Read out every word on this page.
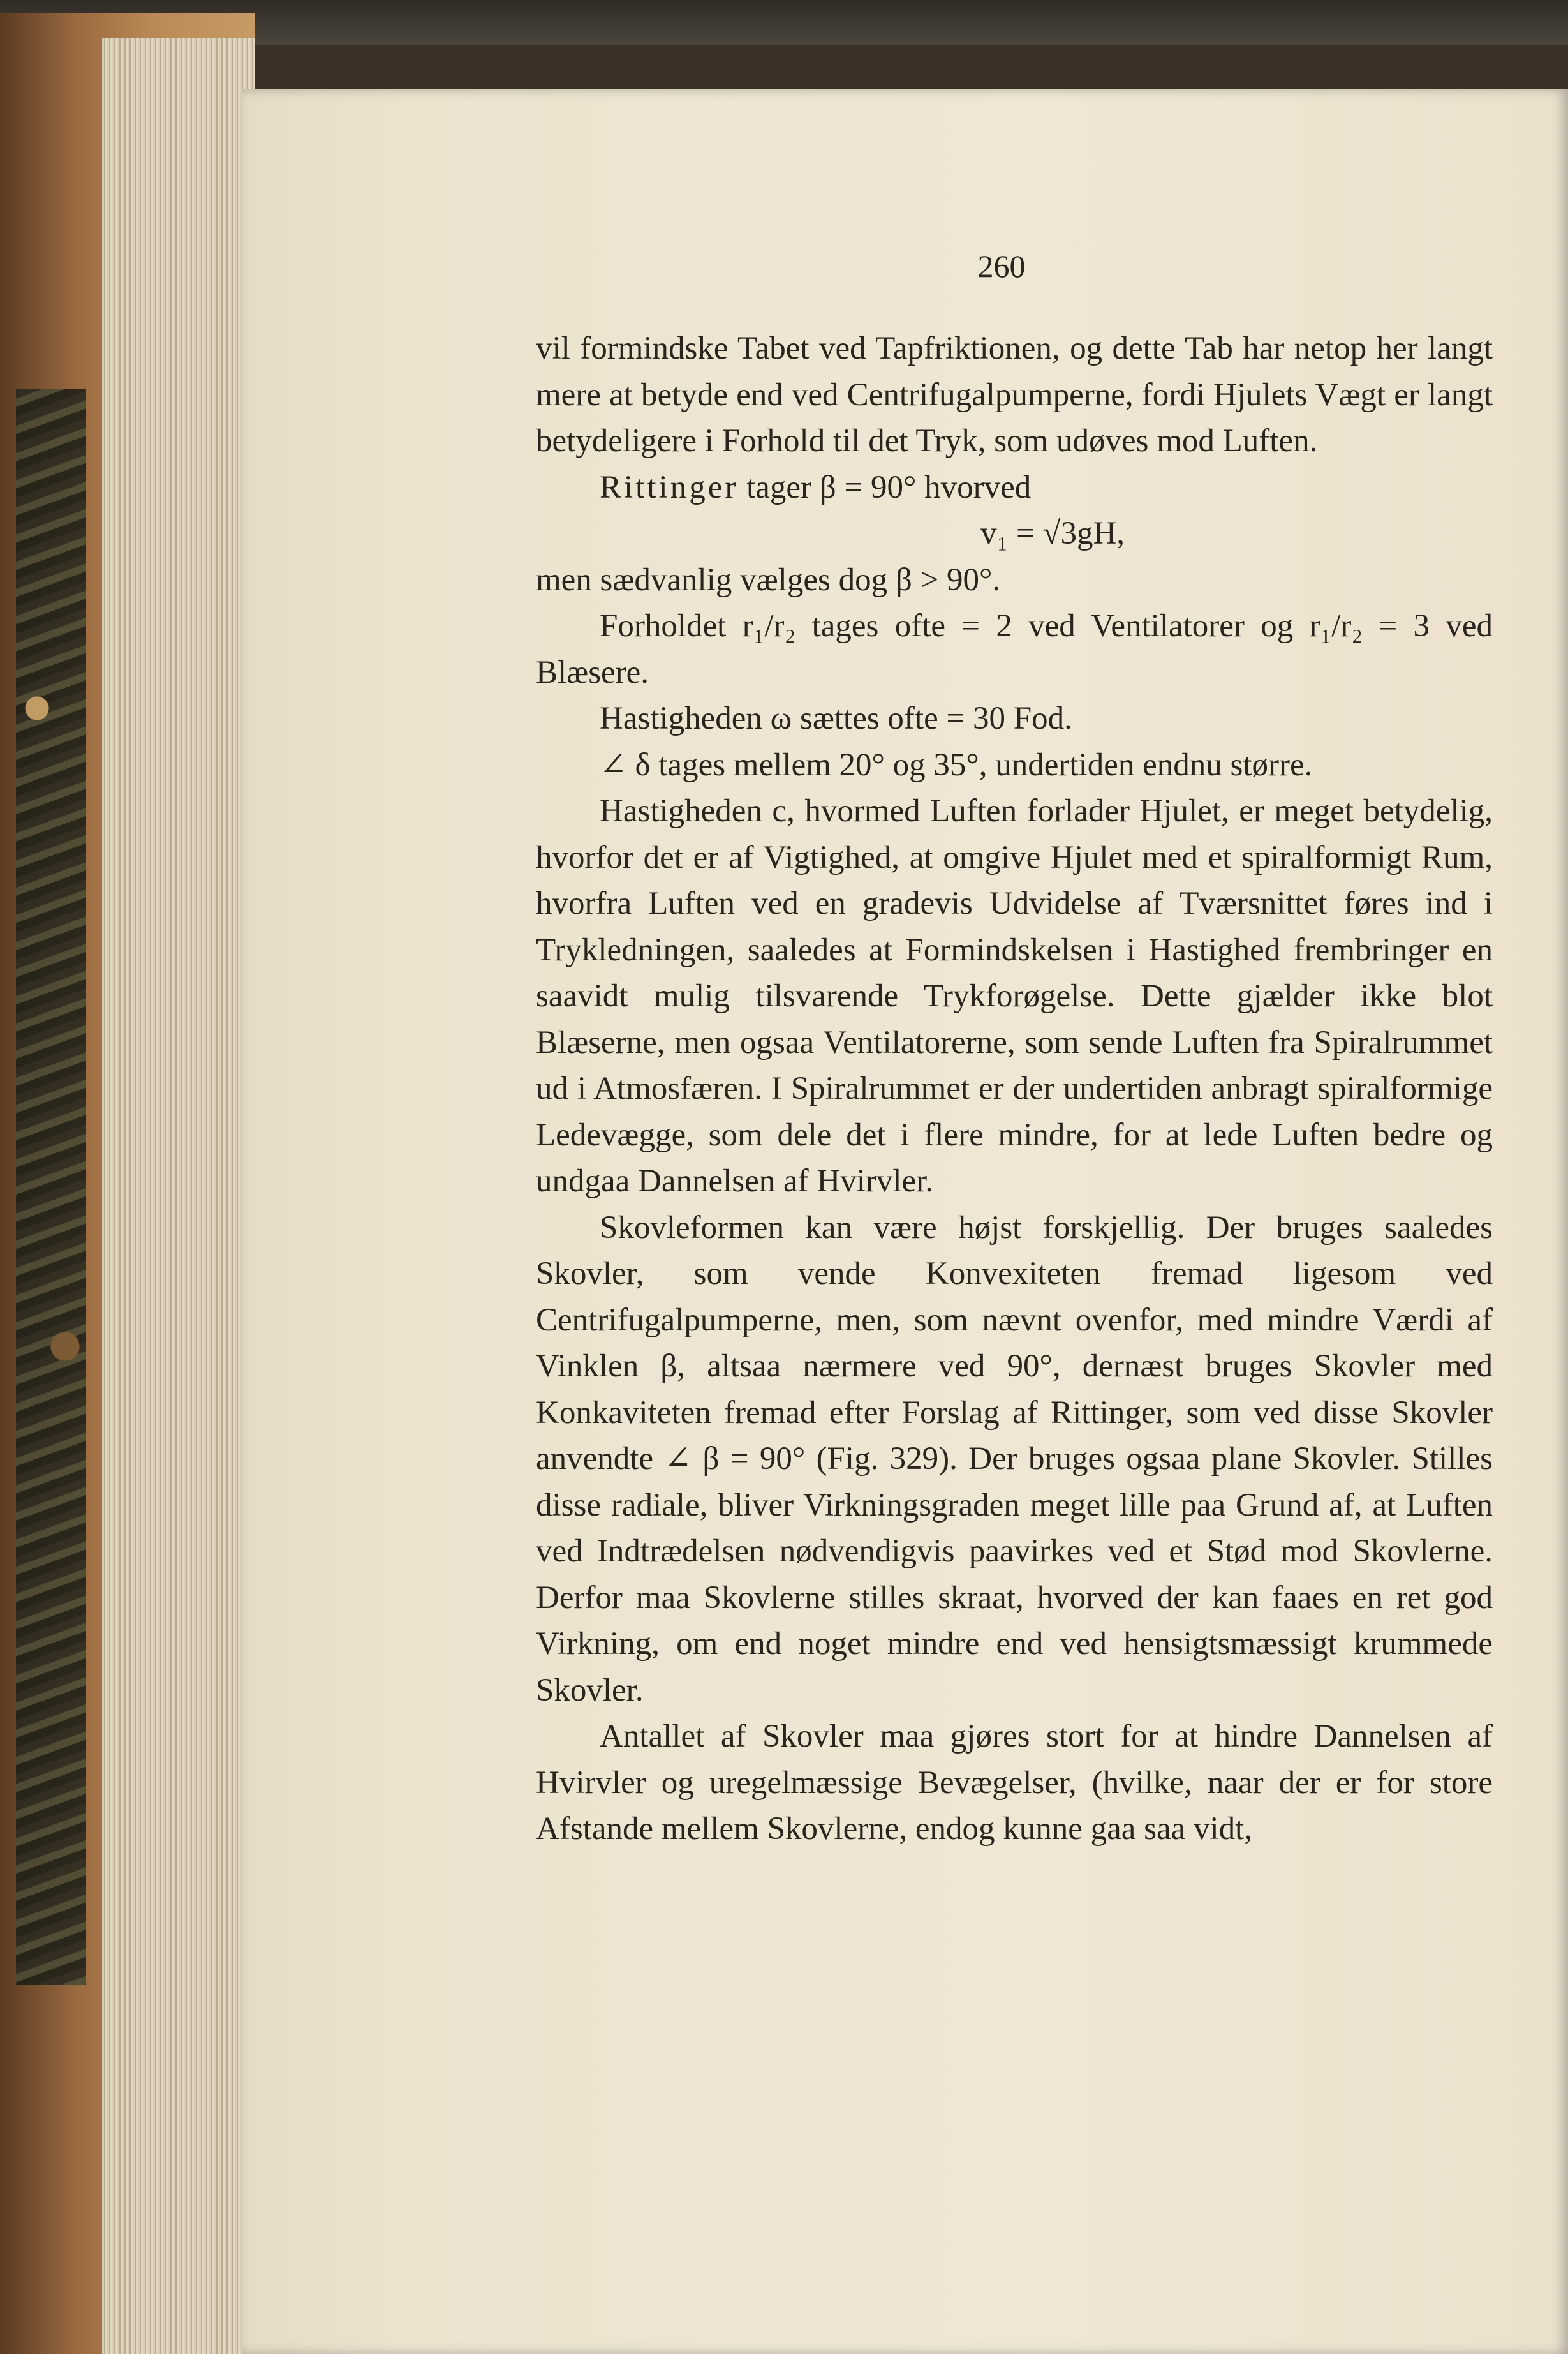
260

vil formindske Tabet ved Tapfriktionen, og dette Tab har netop her langt mere at betyde end ved Centrifugalpumperne, fordi Hjulets Vægt er langt betydeligere i Forhold til det Tryk, som udøves mod Luften.

Rittinger tager β = 90° hvorved

v₁ = √3gH,

men sædvanlig vælges dog β > 90°.

Forholdet r₁/r₂ tages ofte = 2 ved Ventilatorer og r₁/r₂ = 3 ved Blæsere.

Hastigheden ω sættes ofte = 30 Fod.

∠ δ tages mellem 20° og 35°, undertiden endnu større.

Hastigheden c, hvormed Luften forlader Hjulet, er meget betydelig, hvorfor det er af Vigtighed, at omgive Hjulet med et spiralformigt Rum, hvorfra Luften ved en gradevis Udvidelse af Tværsnittet føres ind i Trykledningen, saaledes at Formindskelsen i Hastighed frembringer en saavidt mulig tilsvarende Trykforøgelse. Dette gjælder ikke blot Blæserne, men ogsaa Ventilatorerne, som sende Luften fra Spiralrummet ud i Atmosfæren. I Spiralrummet er der undertiden anbragt spiralformige Ledevægge, som dele det i flere mindre, for at lede Luften bedre og undgaa Dannelsen af Hvirvler.

Skovleformen kan være højst forskjellig. Der bruges saaledes Skovler, som vende Konvexiteten fremad ligesom ved Centrifugalpumperne, men, som nævnt ovenfor, med mindre Værdi af Vinklen β, altsaa nærmere ved 90°, dernæst bruges Skovler med Konkaviteten fremad efter Forslag af Rittinger, som ved disse Skovler anvendte ∠ β = 90° (Fig. 329). Der bruges ogsaa plane Skovler. Stilles disse radiale, bliver Virkningsgraden meget lille paa Grund af, at Luften ved Indtrædelsen nødvendigvis paavirkes ved et Stød mod Skovlerne. Derfor maa Skovlerne stilles skraat, hvorved der kan faaes en ret god Virkning, om end noget mindre end ved hensigtsmæssigt krummede Skovler.

Antallet af Skovler maa gjøres stort for at hindre Dannelsen af Hvirvler og uregelmæssige Bevægelser, (hvilke, naar der er for store Afstande mellem Skovlerne, endog kunne gaa saa vidt,
